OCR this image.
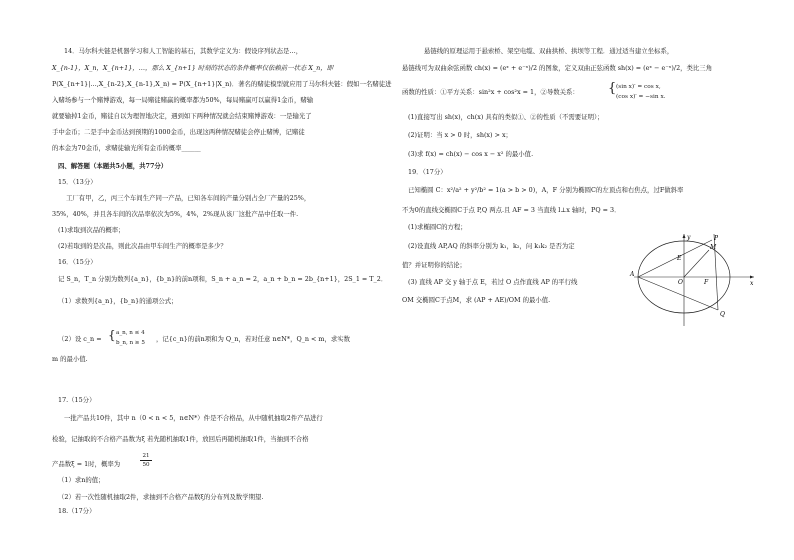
14．马尔科夫链是机器学习和人工智能的基石，其数学定义为：假设序列状态是…，
X_{n-1}，X_n，X_{n+1}，…，那么 X_{n+1} 时刻的状态的条件概率仅依赖前一状态 X_n，即
P(X_{n+1}|…,X_{n-2},X_{n-1},X_n) = P(X_{n+1}|X_n)．著名的赌徒模型就应用了马尔科夫链：假如一名赌徒进
入赌场参与一个赌博游戏，每一局赌徒赌赢的概率都为50%，每局赌赢可以赢得1金币，赌输
就要输掉1金币，赌徒自以为理智地决定，遇到如下两种情况就会结束赌博游戏：一是输光了
手中金币；二是手中金币达到预期的1000金币，出现这两种情况赌徒会停止赌博，记赌徒
的本金为70金币，求赌徒输光所有金币的概率______
四、解答题（本题共5小题，共77分）
15．（13分）
工厂有甲，乙，丙三个车间生产同一产品，已知各车间的产量分别占全厂产量的25%，
35%，40%，并且各车间的次品率依次为5%，4%，2%现从该厂这批产品中任取一件.
(1)求取到次品的概率；
(2)若取到的是次品，则此次品由甲车间生产的概率是多少？
16．（15分）
记 S_n，T_n 分别为数列{a_n}，{b_n}的前n项和，S_n + a_n = 2，a_n + b_n = 2b_{n+1}，2S_1 = T_2．
（1）求数列{a_n}，{b_n}的通项公式；
（2）设 c_n = { a_n, n ≤ 4
b_n, n ≥ 5 ，记{c_n}的前n项和为 Q_n，若对任意 n∈N*，Q_n < m，求实数
m 的最小值.
17.（15分）
一批产品共10件，其中 n（0 < n < 5，n∈N*）件是不合格品，从中随机抽取2件产品进行
检验，记抽取的不合格产品数为ξ 若先随机抽取1件，放回后再随机抽取1件，当抽到不合格
产品数ξ = 1时，概率为
21
50
（1）求n的值；
（2）若一次性随机抽取2件，求抽到不合格产品数ξ的分布列及数学期望.
18.（17分）
悬链线的原理运用于悬索桥、架空电缆、双曲拱桥、拱坝等工程．通过适当建立坐标系，
悬链线可为双曲余弦函数 ch(x) = (eˣ + e⁻ˣ)/2 的图象，定义双曲正弦函数 sh(x) = (eˣ − e⁻ˣ)/2，类比三角
函数的性质：①平方关系：sin²x + cos²x = 1，②导数关系： { (sin x)′ = cos x,
(cos x)′ = −sin x.
(1)直接写出 sh(x)，ch(x) 具有的类似①、②的性质（不需要证明）；
(2)证明：当 x > 0 时，sh(x) > x；
(3)求 f(x) = ch(x) − cos x − x² 的最小值.
19．（17分）
已知椭圆 C：x²/a² + y²/b² = 1(a > b > 0)，A，F 分别为椭圆C的左顶点和右焦点，过F做斜率
不为0的直线交椭圆C于点 P,Q 两点.且 AF = 3 当直线 l⊥x 轴时，PQ = 3．
(1)求椭圆C的方程；
(2)设直线 AP,AQ 的斜率分别为 k₁，k₂，问 k₁k₂ 是否为定
值？并证明你的结论；
(3) 直线 AP 交 y 轴于点 E，若过 O 点作直线 AP 的平行线
OM 交椭圆C于点M，求 (AP + AE)/OM 的最小值.
y	P
M
E
A
O	F	x
Q
